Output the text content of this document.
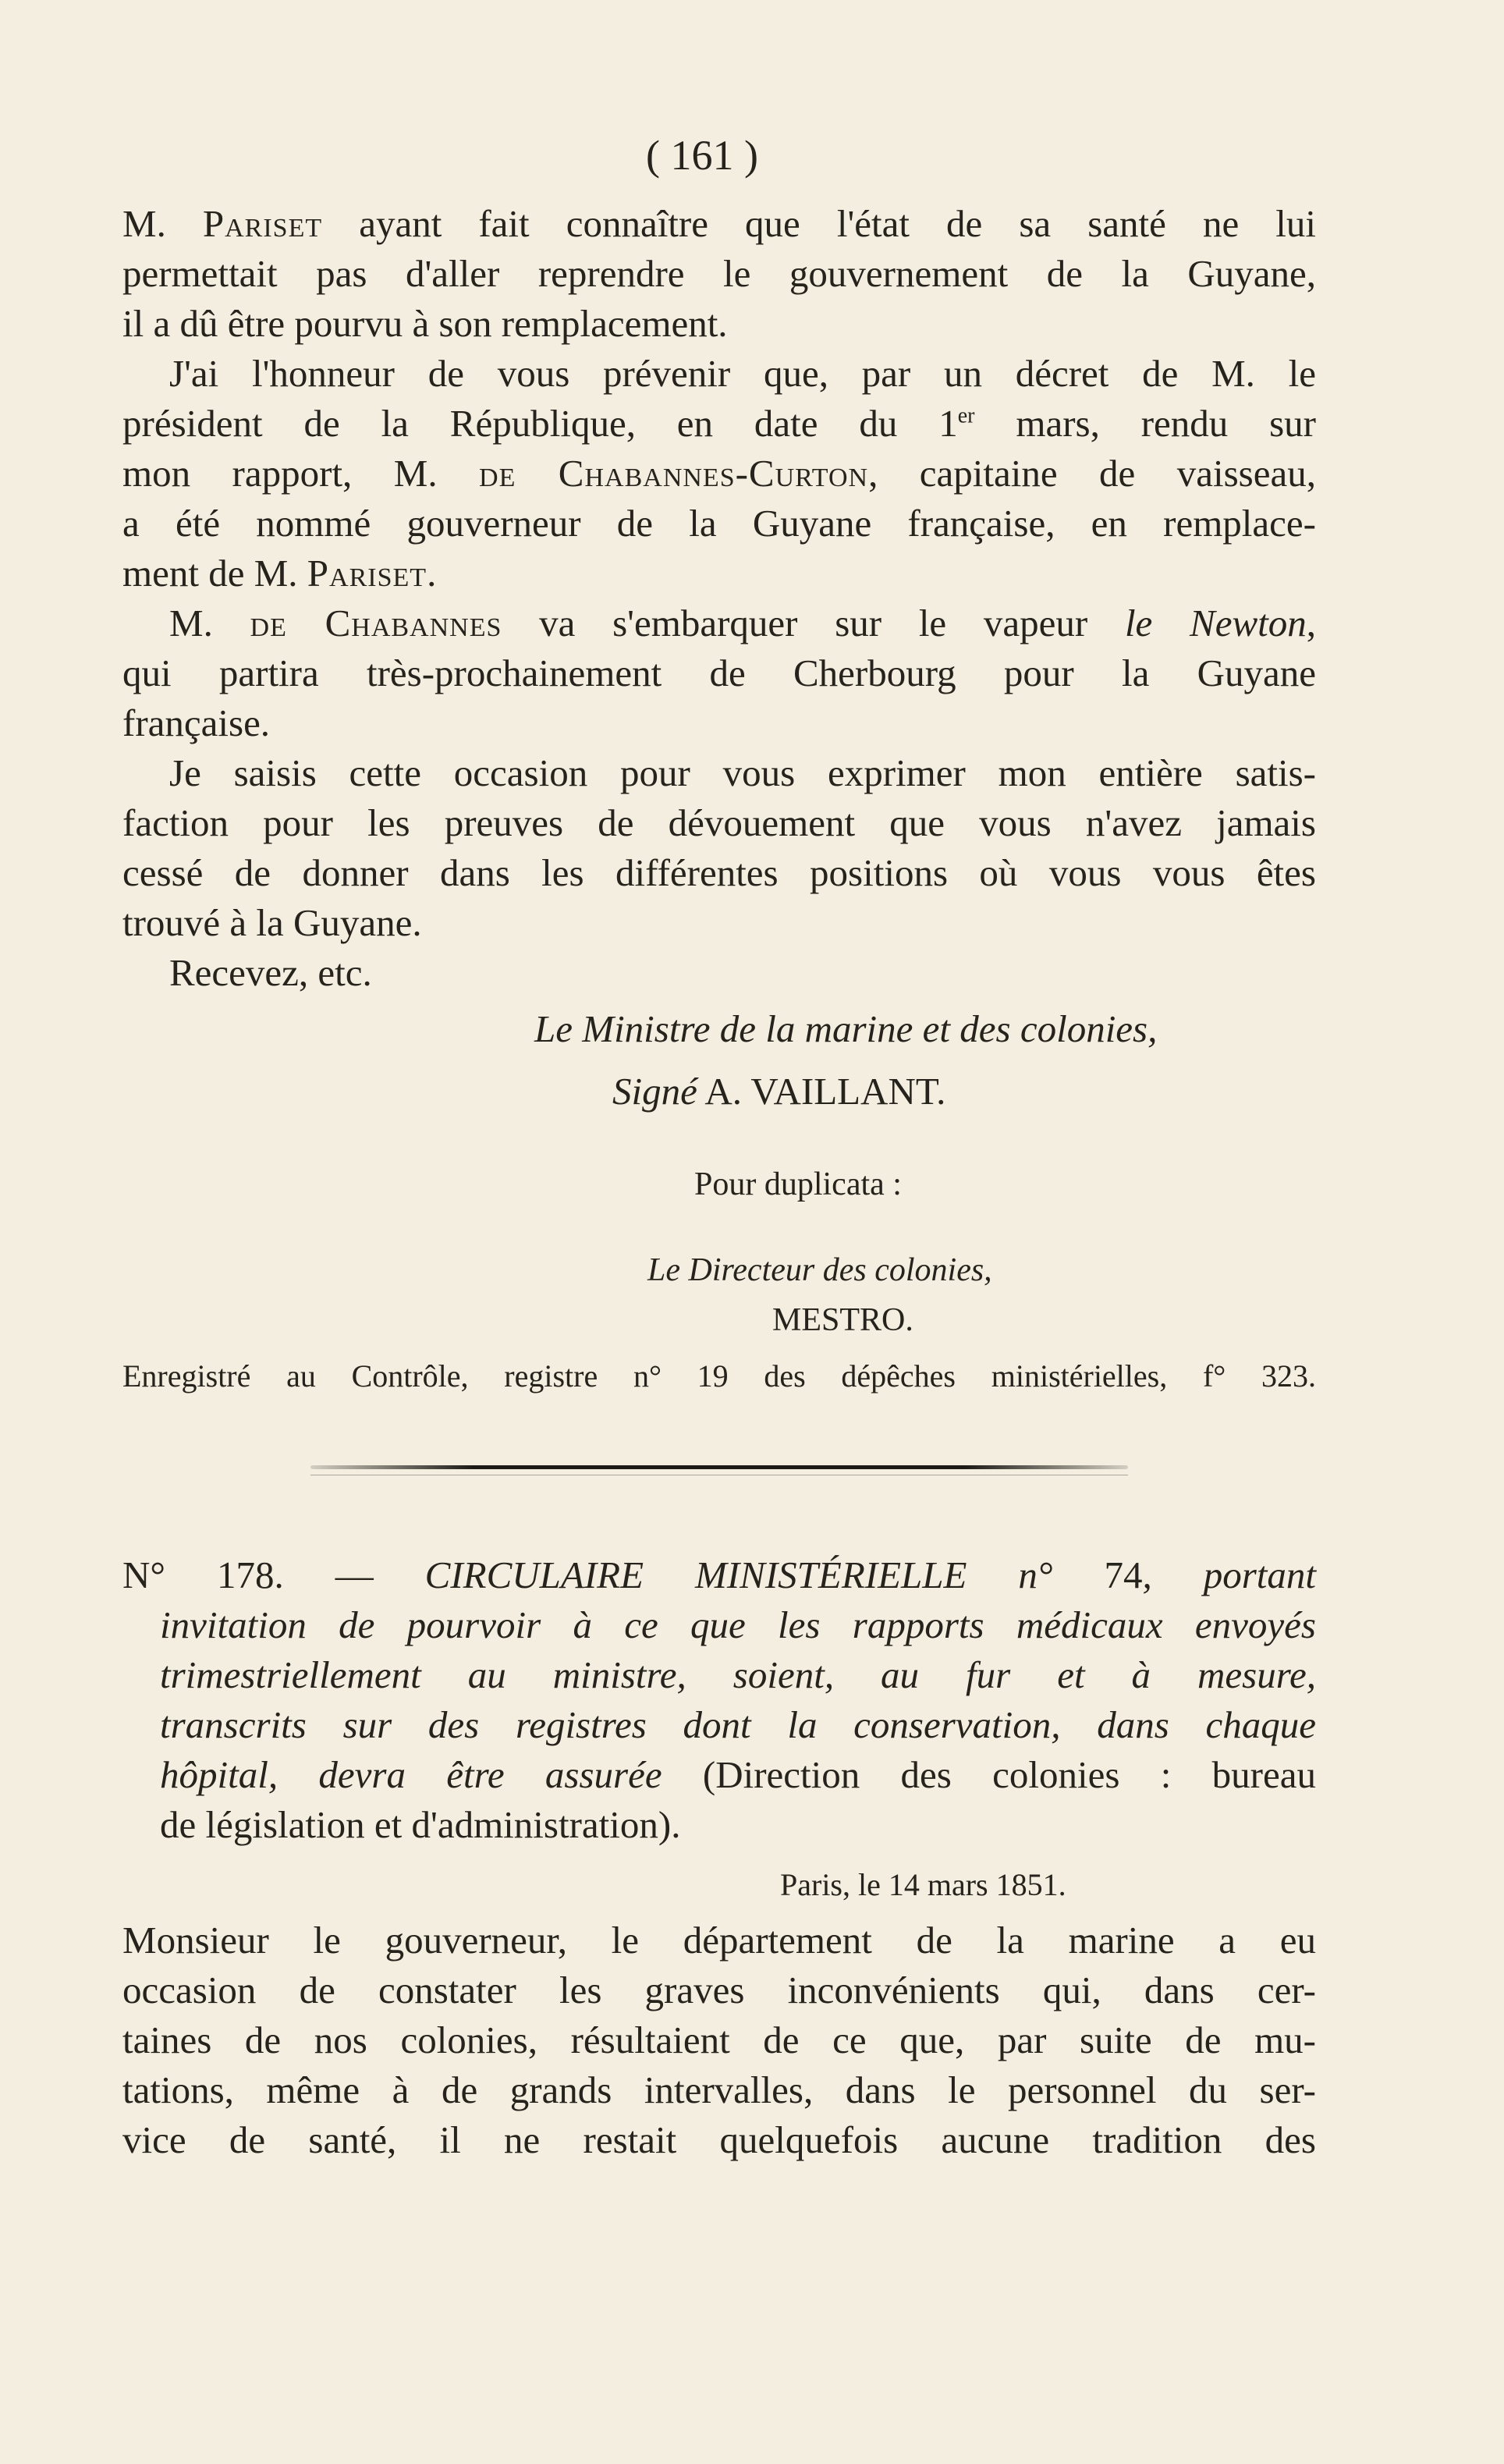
( 161 )
M. Pariset ayant fait connaître que l'état de sa santé ne lui
permettait pas d'aller reprendre le gouvernement de la Guyane,
il a dû être pourvu à son remplacement.
J'ai l'honneur de vous prévenir que, par un décret de M. le
président de la République, en date du 1er mars, rendu sur
mon rapport, M. de Chabannes-Curton, capitaine de vaisseau,
a été nommé gouverneur de la Guyane française, en remplace-
ment de M. Pariset.
M. de Chabannes va s'embarquer sur le vapeur le Newton,
qui partira très-prochainement de Cherbourg pour la Guyane
française.
Je saisis cette occasion pour vous exprimer mon entière satis-
faction pour les preuves de dévouement que vous n'avez jamais
cessé de donner dans les différentes positions où vous vous êtes
trouvé à la Guyane.
Recevez, etc.
Le Ministre de la marine et des colonies,
Signé A. VAILLANT.
Pour duplicata :
Le Directeur des colonies,
MESTRO.
Enregistré au Contrôle, registre n° 19 des dépêches ministérielles, f° 323.
N° 178. — CIRCULAIRE MINISTÉRIELLE n° 74, portant
invitation de pourvoir à ce que les rapports médicaux envoyés
trimestriellement au ministre, soient, au fur et à mesure,
transcrits sur des registres dont la conservation, dans chaque
hôpital, devra être assurée (Direction des colonies : bureau
de législation et d'administration).
Paris, le 14 mars 1851.
Monsieur le gouverneur, le département de la marine a eu
occasion de constater les graves inconvénients qui, dans cer-
taines de nos colonies, résultaient de ce que, par suite de mu-
tations, même à de grands intervalles, dans le personnel du ser-
vice de santé, il ne restait quelquefois aucune tradition des
